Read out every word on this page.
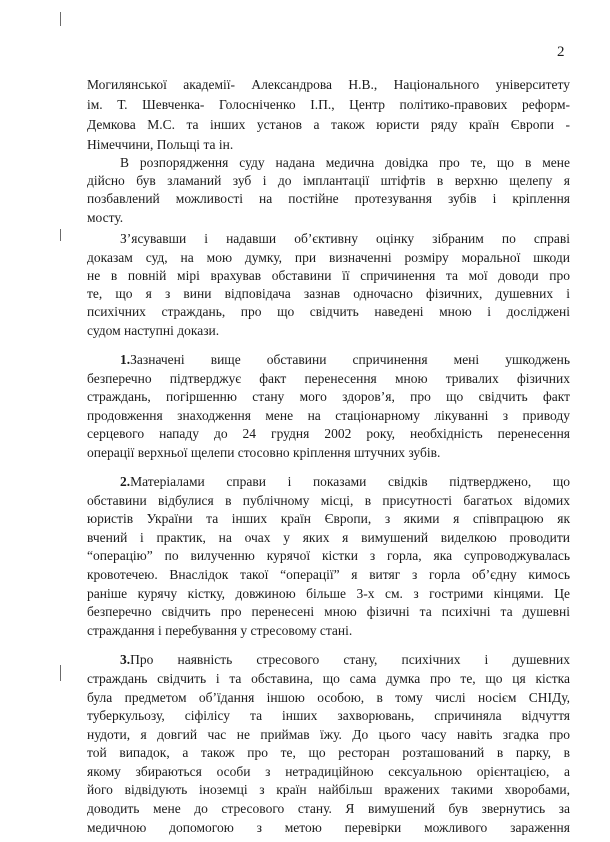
2
Могилянської академії- Александрова Н.В., Національного університету
ім. Т. Шевченка- Голосніченко І.П., Центр політико-правових реформ-
Демкова М.С. та інших установ а також юристи ряду країн Європи -
Німеччини, Польщі та ін.
В розпорядження суду надана медична довідка про те, що в мене
дійсно був зламаний зуб і до імплантації штіфтів в верхню щелепу я
позбавлений можливості на постійне протезування зубів і кріплення
мосту.
З’ясувавши і надавши об’єктивну оцінку зібраним по справі
доказам суд, на мою думку, при визначенні розміру моральної шкоди
не в повній мірі врахував обставини її спричинення та мої доводи про
те, що я з вини відповідача зазнав одночасно фізичних, душевних і
психічних страждань, про що свідчить наведені мною і досліджені
судом наступні докази.
1.Зазначені вище обставини спричинення мені ушкоджень
безперечно підтверджує факт перенесення мною тривалих фізичних
страждань, погіршенню стану мого здоров’я, про що свідчить факт
продовження знаходження мене на стаціонарному лікуванні з приводу
серцевого нападу до 24 грудня 2002 року, необхідність перенесення
операції верхньої щелепи стосовно кріплення штучних зубів.
2.Матеріалами справи і показами свідків підтверджено, що
обставини відбулися в публічному місці, в присутності багатьох відомих
юристів України та інших країн Європи, з якими я співпрацюю як
вчений і практик, на очах у яких я вимушений виделкою проводити
“операцію” по вилученню курячої кістки з горла, яка супроводжувалась
кровотечею. Внаслідок такої “операції” я витяг з горла об’єдну кимось
раніше курячу кістку, довжиною більше 3-х см. з гострими кінцями. Це
безперечно свідчить про перенесені мною фізичні та психічні та душевні
страждання і перебування у стресовому стані.
3.Про наявність стресового стану, психічних і душевних
страждань свідчить і та обставина, що сама думка про те, що ця кістка
була предметом об’їдання іншою особою, в тому числі носієм СНІДу,
туберкульозу, сіфілісу та інших захворювань, спричиняла відчуття
нудоти, я довгий час не приймав їжу. До цього часу навіть згадка про
той випадок, а також про те, що ресторан розташований в парку, в
якому збираються особи з нетрадиційною сексуальною орієнтацією, а
його відвідують іноземці з країн найбільш вражених такими хворобами,
доводить мене до стресового стану. Я вимушений був звернутись за
медичною допомогою з метою перевірки можливого зараження
